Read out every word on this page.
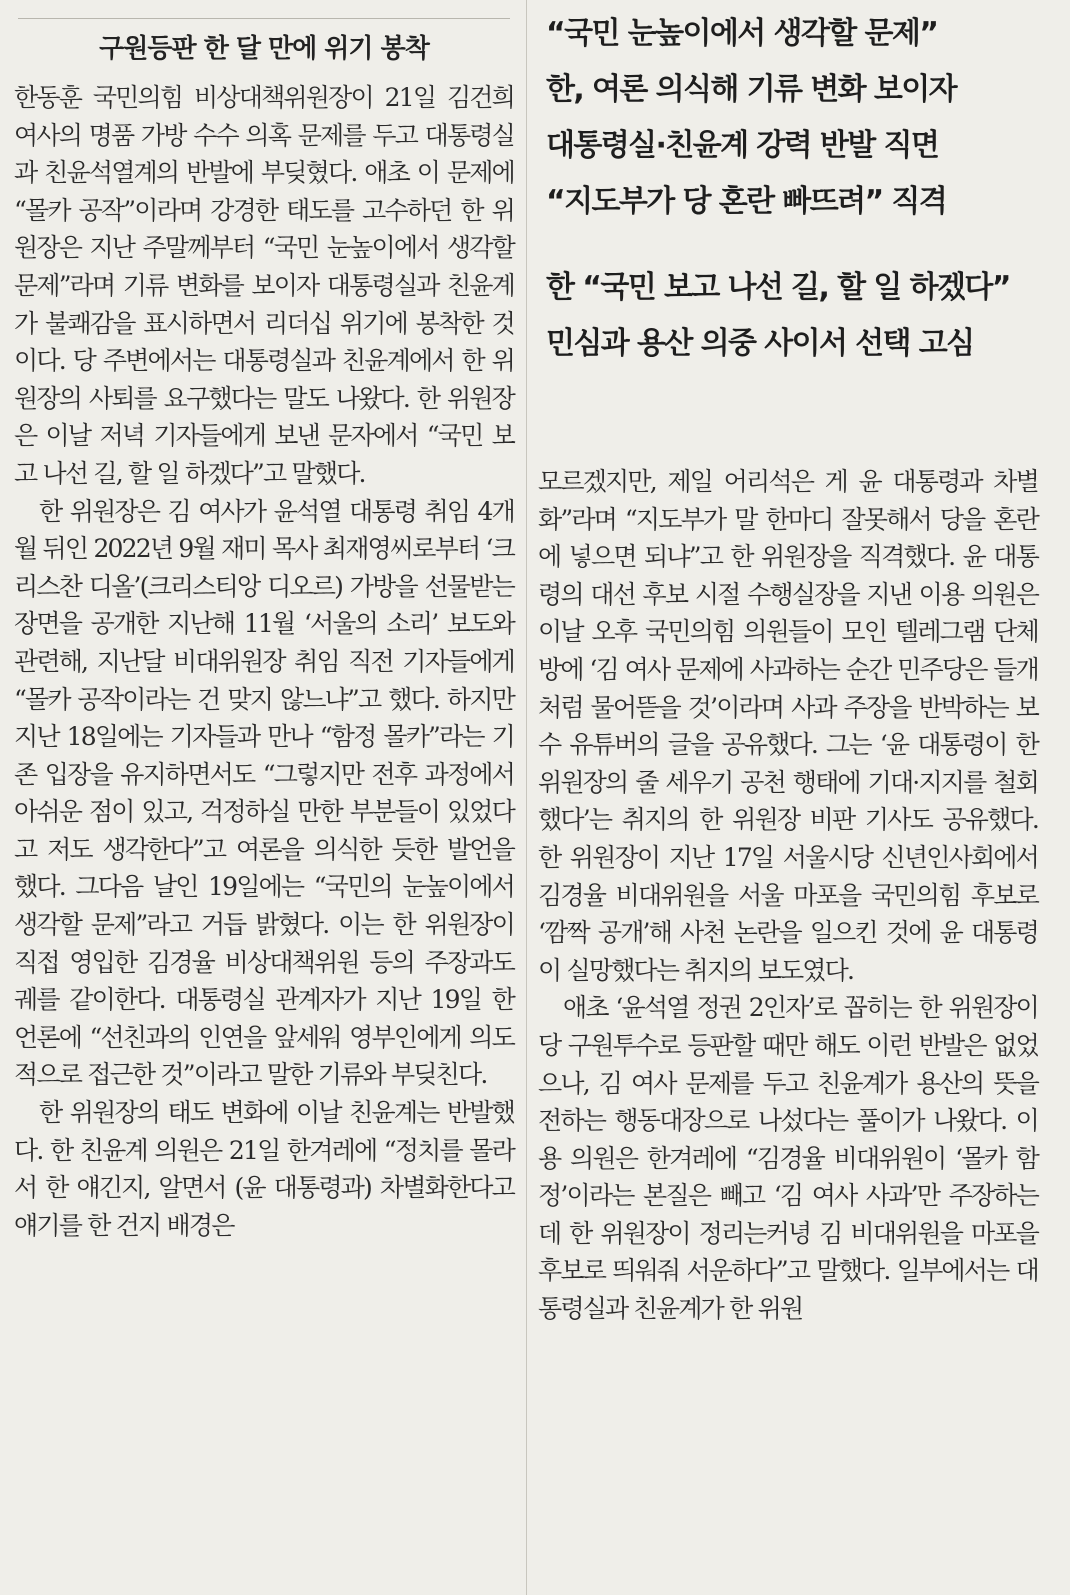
구원등판 한 달 만에 위기 봉착

한동훈 국민의힘 비상대책위원장이 21일 김건희 여사의 명품 가방 수수 의혹 문제를 두고 대통령실과 친윤석열계의 반발에 부딪혔다. 애초 이 문제에 “몰카 공작”이라며 강경한 태도를 고수하던 한 위원장은 지난 주말께부터 “국민 눈높이에서 생각할 문제”라며 기류 변화를 보이자 대통령실과 친윤계가 불쾌감을 표시하면서 리더십 위기에 봉착한 것이다. 당 주변에서는 대통령실과 친윤계에서 한 위원장의 사퇴를 요구했다는 말도 나왔다. 한 위원장은 이날 저녁 기자들에게 보낸 문자에서 “국민 보고 나선 길, 할 일 하겠다”고 말했다.

한 위원장은 김 여사가 윤석열 대통령 취임 4개월 뒤인 2022년 9월 재미 목사 최재영씨로부터 ‘크리스찬 디올’(크리스티앙 디오르) 가방을 선물받는 장면을 공개한 지난해 11월 ‘서울의 소리’ 보도와 관련해, 지난달 비대위원장 취임 직전 기자들에게 “몰카 공작이라는 건 맞지 않느냐”고 했다. 하지만 지난 18일에는 기자들과 만나 “함정 몰카”라는 기존 입장을 유지하면서도 “그렇지만 전후 과정에서 아쉬운 점이 있고, 걱정하실 만한 부분들이 있었다고 저도 생각한다”고 여론을 의식한 듯한 발언을 했다. 그다음 날인 19일에는 “국민의 눈높이에서 생각할 문제”라고 거듭 밝혔다. 이는 한 위원장이 직접 영입한 김경율 비상대책위원 등의 주장과도 궤를 같이한다. 대통령실 관계자가 지난 19일 한 언론에 “선친과의 인연을 앞세워 영부인에게 의도적으로 접근한 것”이라고 말한 기류와 부딪친다.

한 위원장의 태도 변화에 이날 친윤계는 반발했다. 한 친윤계 의원은 21일 한겨레에 “정치를 몰라서 한 얘긴지, 알면서 (윤 대통령과) 차별화한다고 얘기를 한 건지 배경은

“국민 눈높이에서 생각할 문제”
한, 여론 의식해 기류 변화 보이자
대통령실·친윤계 강력 반발 직면
“지도부가 당 혼란 빠뜨려” 직격
한 “국민 보고 나선 길, 할 일 하겠다”
민심과 용산 의중 사이서 선택 고심

모르겠지만, 제일 어리석은 게 윤 대통령과 차별화”라며 “지도부가 말 한마디 잘못해서 당을 혼란에 넣으면 되냐”고 한 위원장을 직격했다. 윤 대통령의 대선 후보 시절 수행실장을 지낸 이용 의원은 이날 오후 국민의힘 의원들이 모인 텔레그램 단체방에 ‘김 여사 문제에 사과하는 순간 민주당은 들개처럼 물어뜯을 것’이라며 사과 주장을 반박하는 보수 유튜버의 글을 공유했다. 그는 ‘윤 대통령이 한 위원장의 줄 세우기 공천 행태에 기대·지지를 철회했다’는 취지의 한 위원장 비판 기사도 공유했다. 한 위원장이 지난 17일 서울시당 신년인사회에서 김경율 비대위원을 서울 마포을 국민의힘 후보로 ‘깜짝 공개’해 사천 논란을 일으킨 것에 윤 대통령이 실망했다는 취지의 보도였다.

애초 ‘윤석열 정권 2인자’로 꼽히는 한 위원장이 당 구원투수로 등판할 때만 해도 이런 반발은 없었으나, 김 여사 문제를 두고 친윤계가 용산의 뜻을 전하는 행동대장으로 나섰다는 풀이가 나왔다. 이용 의원은 한겨레에 “김경율 비대위원이 ‘몰카 함정’이라는 본질은 빼고 ‘김 여사 사과’만 주장하는데 한 위원장이 정리는커녕 김 비대위원을 마포을 후보로 띄워줘 서운하다”고 말했다. 일부에서는 대통령실과 친윤계가 한 위원
